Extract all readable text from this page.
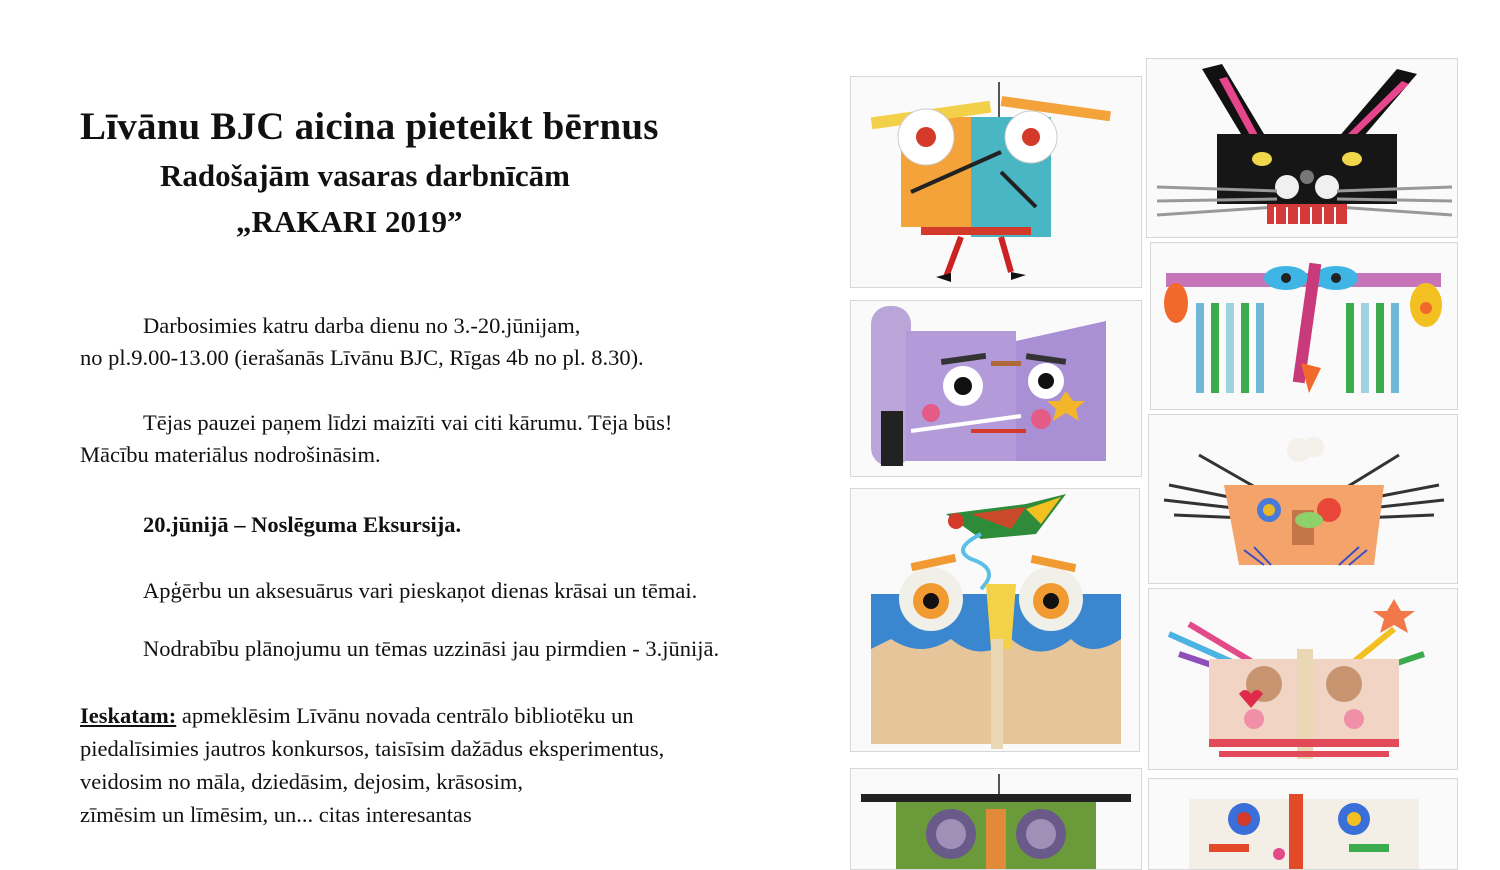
Līvānu BJC aicina pieteikt bērnus
Radošajām vasaras darbnīcām
„RAKARI 2019”
Darbosimies katru darba dienu no 3.-20.jūnijam,
no pl.9.00-13.00 (ierašanās Līvānu BJC, Rīgas 4b no pl. 8.30).
Tējas pauzei paņem līdzi maizīti vai citi kārumu. Tēja būs!
Mācību materiālus nodrošināsim.
20.jūnijā – Noslēguma Eksursija.
Apģērbu un aksesuārus vari pieskaņot dienas krāsai un tēmai.
Nodrabību plānojumu un tēmas uzzināsi jau pirmdien - 3.jūnijā.
Ieskatam: apmeklēsim Līvānu novada centrālo bibliotēku un
piedalīsimies jautros konkursos, taisīsim dažādus eksperimentus,
veidosim no māla, dziedāsim, dejosim, krāsosim,
zīmēsim un līmēsim, un... citas interesantas
